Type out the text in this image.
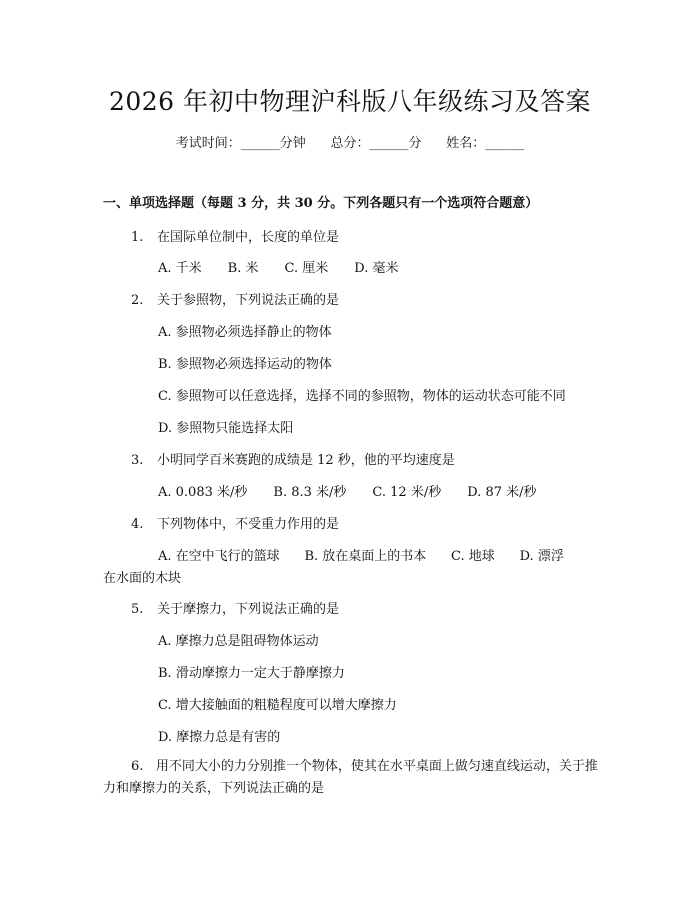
2026 年初中物理沪科版八年级练习及答案
考试时间：______分钟      总分：______分      姓名：______
一、单项选择题（每题 3 分，共 30 分。下列各题只有一个选项符合题意）
1. 在国际单位制中，长度的单位是
A. 千米 B. 米 C. 厘米 D. 毫米
2. 关于参照物，下列说法正确的是
A. 参照物必须选择静止的物体
B. 参照物必须选择运动的物体
C. 参照物可以任意选择，选择不同的参照物，物体的运动状态可能不同
D. 参照物只能选择太阳
3. 小明同学百米赛跑的成绩是 12 秒，他的平均速度是
A. 0.083 米/秒 B. 8.3 米/秒 C. 12 米/秒 D. 87 米/秒
4. 下列物体中，不受重力作用的是
A. 在空中飞行的篮球      B. 放在桌面上的书本      C. 地球      D. 漂浮
在水面的木块
5. 关于摩擦力，下列说法正确的是
A. 摩擦力总是阻碍物体运动
B. 滑动摩擦力一定大于静摩擦力
C. 增大接触面的粗糙程度可以增大摩擦力
D. 摩擦力总是有害的
6. 用不同大小的力分别推一个物体，使其在水平桌面上做匀速直线运动，关于推力和摩擦力的关系，下列说法正确的是
